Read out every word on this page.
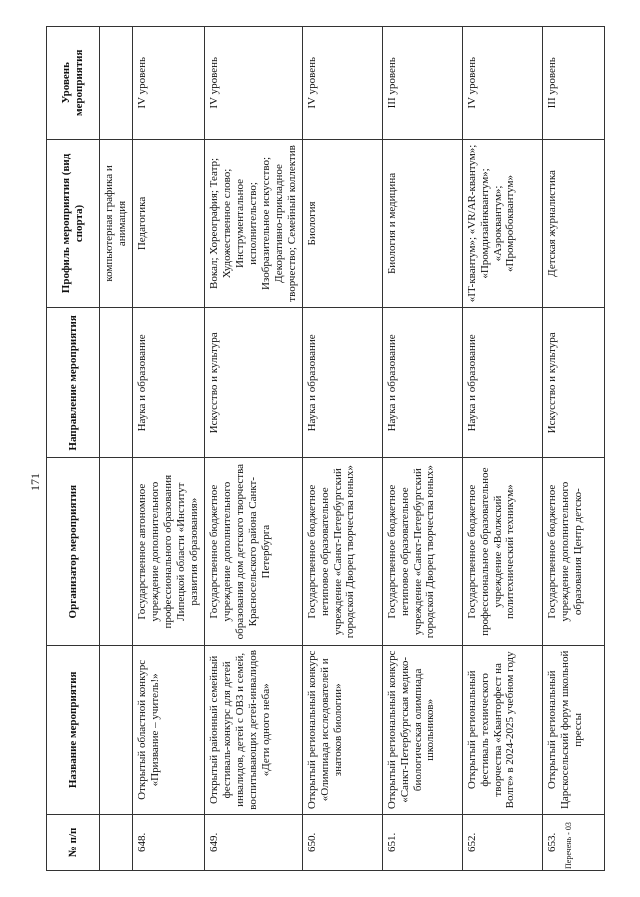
171
№ п/п	Название мероприятия	Организатор мероприятия	Направление мероприятия	Профиль мероприятия (вид спорта)	Уровень мероприятия
				компьютерная графика и анимация	
648.	Открытый областной конкурс «Призвание – учитель!»	Государственное автономное учреждение дополнительного профессионального образования Липецкой области «Институт развития образования»	Наука и образование	Педагогика	IV уровень
649.	Открытый районный семейный фестиваль-конкурс для детей инвалидов, детей с ОВЗ и семей, воспитывающих детей-инвалидов «Дети одного неба»	Государственное бюджетное учреждение дополнительного образования дом детского творчества Красносельского района Санкт-Петербурга	Искусство и культура	Вокал; Хореография; Театр; Художественное слово; Инструментальное исполнительство; Изобразительное искусство; Декоративно-прикладное творчество; Семейный коллектив	IV уровень
650.	Открытый региональный конкурс «Олимпиада исследователей и знатоков биологии»	Государственное бюджетное нетиповое образовательное учреждение «Санкт-Петербургский городской Дворец творчества юных»	Наука и образование	Биология	IV уровень
651.	Открытый региональный конкурс «Санкт-Петербургская медико-биологическая олимпиада школьников»	Государственное бюджетное нетиповое образовательное учреждение «Санкт-Петербургский городской Дворец творчества юных»	Наука и образование	Биология и медицина	III уровень
652.	Открытый региональный фестиваль технического творчества «Кванторфест на Волге» в 2024-2025 учебном году	Государственное бюджетное профессиональное образовательное учреждение «Волжский политехнический техникум»	Наука и образование	«IT-квантум»; «VR/AR-квантум»; «Промдизайнквантум»; «Аэроквантум»; «Промробоквантум»	IV уровень
653.	Открытый региональный Царскосельский форум школьной прессы	Государственное бюджетное учреждение дополнительного образования Центр детско-	Искусство и культура	Детская журналистика	III уровень
Перечень - 03
